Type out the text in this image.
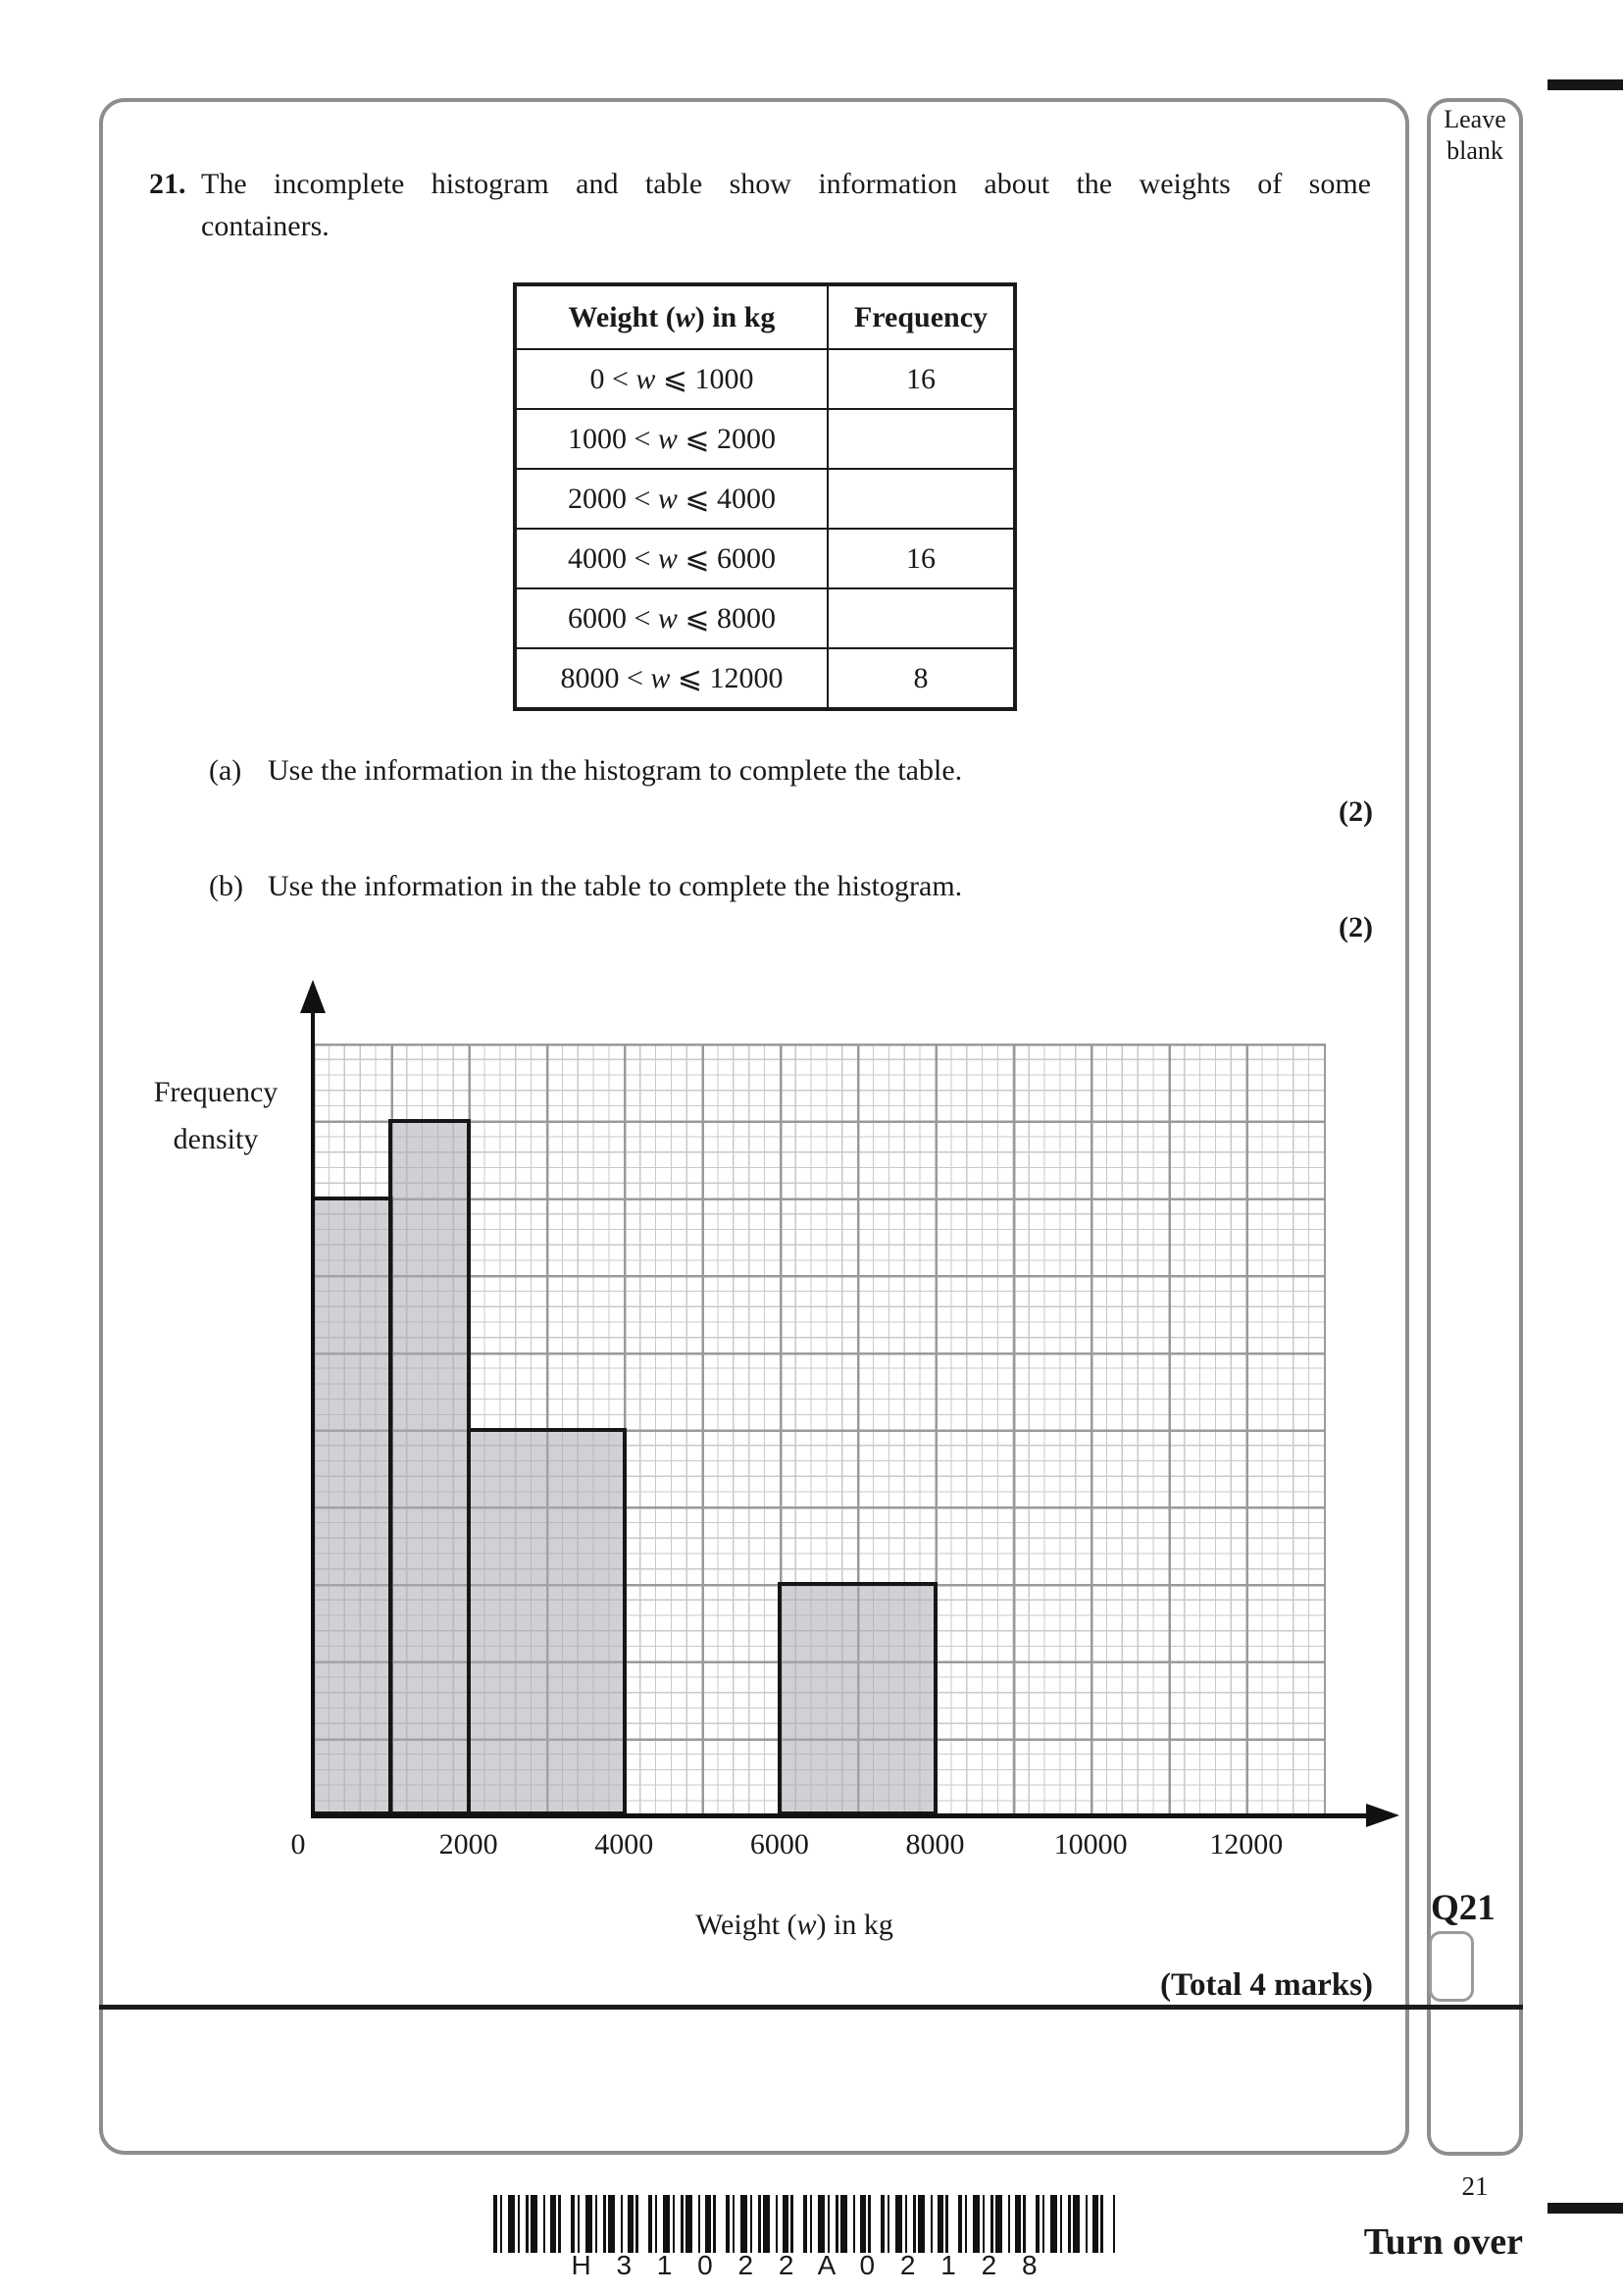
Leave
blank
21. The incomplete histogram and table show information about the weights of some
containers.
Weight (w) in kg	Frequency
0 < w ⩽ 1000	16
1000 < w ⩽ 2000	
2000 < w ⩽ 4000	
4000 < w ⩽ 6000	16
6000 < w ⩽ 8000	
8000 < w ⩽ 12000	8
(a) Use the information in the histogram to complete the table.
(2)
(b) Use the information in the table to complete the histogram.
(2)
Frequency
density
Weight (w) in kg
0	2000	4000	6000	8000	10000	12000
(Total 4 marks)
Q21
21
Turn over
H 3 1 0 2 2 A 0 2 1 2 8
